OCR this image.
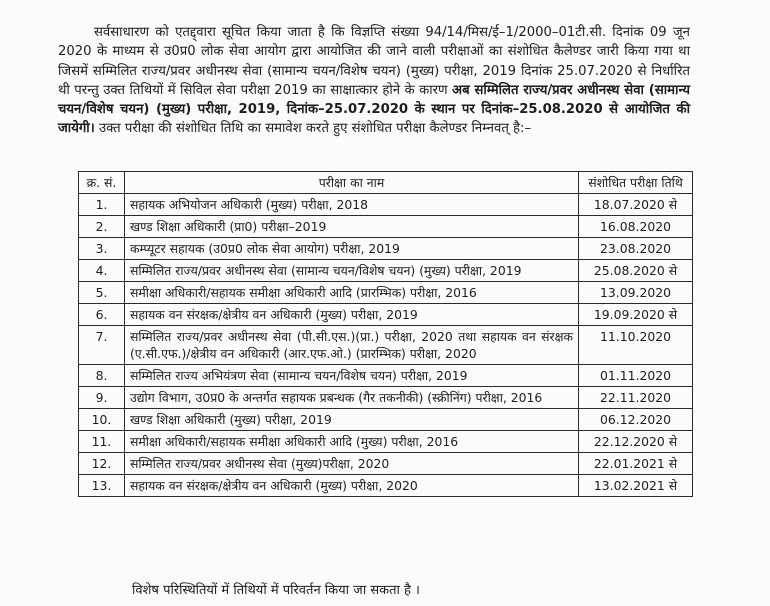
सर्वसाधारण को एतद्द्वारा सूचित किया जाता है कि विज्ञप्ति संख्या 94/14/मिस/ई–1/2000–01टी.सी. दिनांक 09 जून 2020 के माध्यम से उ0प्र0 लोक सेवा आयोग द्वारा आयोजित की जाने वाली परीक्षाओं का संशोधित कैलेण्डर जारी किया गया था जिसमें सम्मिलित राज्य/प्रवर अधीनस्थ सेवा (सामान्य चयन/विशेष चयन) (मुख्य) परीक्षा, 2019 दिनांक 25.07.2020 से निर्धारित थी परन्तु उक्त तिथियों में सिविल सेवा परीक्षा 2019 का साक्षात्कार होने के कारण अब सम्मिलित राज्य/प्रवर अधीनस्थ सेवा (सामान्य चयन/विशेष चयन) (मुख्य) परीक्षा, 2019, दिनांक–25.07.2020 के स्थान पर दिनांक–25.08.2020 से आयोजित की जायेगी। उक्त परीक्षा की संशोधित तिथि का समावेश करते हुए संशोधित परीक्षा कैलेण्डर निम्नवत् है:–

क्र. सं.	परीक्षा का नाम	संशोधित परीक्षा तिथि
1.	सहायक अभियोजन अधिकारी (मुख्य) परीक्षा, 2018	18.07.2020 से
2.	खण्ड शिक्षा अधिकारी (प्रा0) परीक्षा–2019	16.08.2020
3.	कम्प्यूटर सहायक (उ0प्र0 लोक सेवा आयोग) परीक्षा, 2019	23.08.2020
4.	सम्मिलित राज्य/प्रवर अधीनस्थ सेवा (सामान्य चयन/विशेष चयन) (मुख्य) परीक्षा, 2019	25.08.2020 से
5.	समीक्षा अधिकारी/सहायक समीक्षा अधिकारी आदि (प्रारम्भिक) परीक्षा, 2016	13.09.2020
6.	सहायक वन संरक्षक/क्षेत्रीय वन अधिकारी (मुख्य) परीक्षा, 2019	19.09.2020 से
7.	सम्मिलित राज्य/प्रवर अधीनस्थ सेवा (पी.सी.एस.)(प्रा.) परीक्षा, 2020 तथा सहायक वन संरक्षक (ए.सी.एफ.)/क्षेत्रीय वन अधिकारी (आर.एफ.ओ.) (प्रारम्भिक) परीक्षा, 2020	11.10.2020
8.	सम्मिलित राज्य अभियंत्रण सेवा (सामान्य चयन/विशेष चयन) परीक्षा, 2019	01.11.2020
9.	उद्योग विभाग, उ0प्र0 के अन्तर्गत सहायक प्रबन्धक (गैर तकनीकी) (स्क्रीनिंग) परीक्षा, 2016	22.11.2020
10.	खण्ड शिक्षा अधिकारी (मुख्य) परीक्षा, 2019	06.12.2020
11.	समीक्षा अधिकारी/सहायक समीक्षा अधिकारी आदि (मुख्य) परीक्षा, 2016	22.12.2020 से
12.	सम्मिलित राज्य/प्रवर अधीनस्थ सेवा (मुख्य)परीक्षा, 2020	22.01.2021 से
13.	सहायक वन संरक्षक/क्षेत्रीय वन अधिकारी (मुख्य) परीक्षा, 2020	13.02.2021 से
विशेष परिस्थितियों में तिथियों में परिवर्तन किया जा सकता है ।
